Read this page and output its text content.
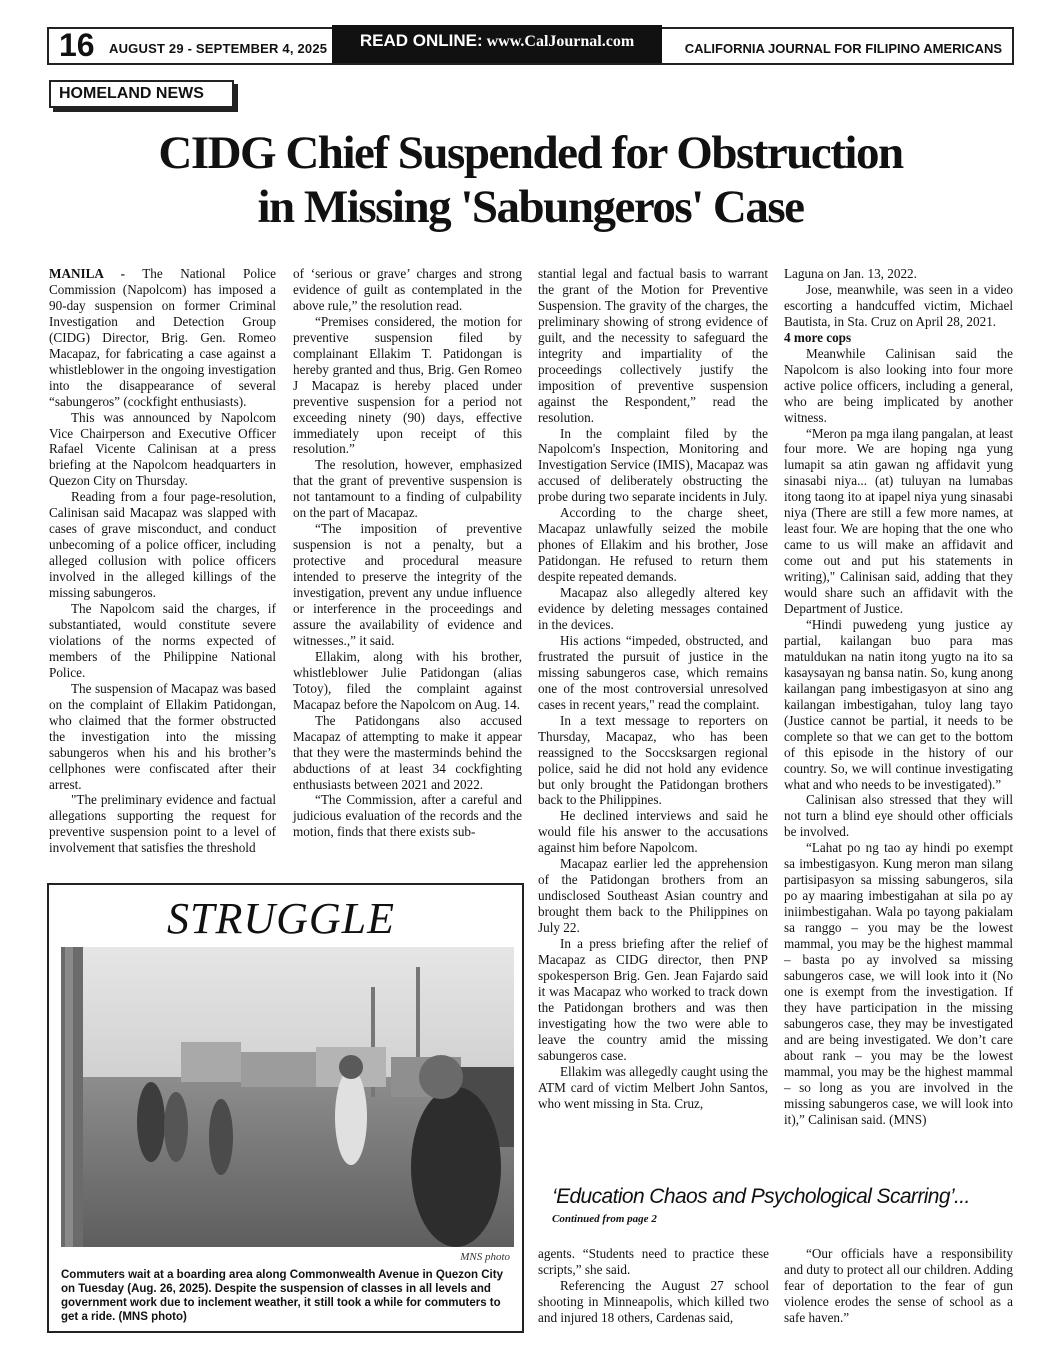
16 AUGUST 29 - SEPTEMBER 4, 2025	READ ONLINE: www.CalJournal.com	CALIFORNIA JOURNAL FOR FILIPINO AMERICANS
HOMELAND NEWS
CIDG Chief Suspended for Obstruction
in Missing 'Sabungeros' Case

MANILA - The National Police Commission (Napolcom) has imposed a 90-day suspension on former Criminal Investigation and Detection Group (CIDG) Director, Brig. Gen. Romeo Macapaz, for fabricating a case against a whistleblower in the ongoing investigation into the disappearance of several “sabungeros” (cockfight enthusiasts).

This was announced by Napolcom Vice Chairperson and Executive Officer Rafael Vicente Calinisan at a press briefing at the Napolcom headquarters in Quezon City on Thursday.

Reading from a four page-resolution, Calinisan said Macapaz was slapped with cases of grave misconduct, and conduct unbecoming of a police officer, including alleged collusion with police officers involved in the alleged killings of the missing sabungeros.

The Napolcom said the charges, if substantiated, would constitute severe violations of the norms expected of members of the Philippine National Police.

The suspension of Macapaz was based on the complaint of Ellakim Patidongan, who claimed that the former obstructed the investigation into the missing sabungeros when his and his brother’s cellphones were confiscated after their arrest.

"The preliminary evidence and factual allegations supporting the request for preventive suspension point to a level of involvement that satisfies the threshold

of ‘serious or grave’ charges and strong evidence of guilt as contemplated in the above rule,” the resolution read.

“Premises considered, the motion for preventive suspension filed by complainant Ellakim T. Patidongan is hereby granted and thus, Brig. Gen Romeo J Macapaz is hereby placed under preventive suspension for a period not exceeding ninety (90) days, effective immediately upon receipt of this resolution.”

The resolution, however, emphasized that the grant of preventive suspension is not tantamount to a finding of culpability on the part of Macapaz.

“The imposition of preventive suspension is not a penalty, but a protective and procedural measure intended to preserve the integrity of the investigation, prevent any undue influence or interference in the proceedings and assure the availability of evidence and witnesses.,” it said.

Ellakim, along with his brother, whistleblower Julie Patidongan (alias Totoy), filed the complaint against Macapaz before the Napolcom on Aug. 14.

The Patidongans also accused Macapaz of attempting to make it appear that they were the masterminds behind the abductions of at least 34 cockfighting enthusiasts between 2021 and 2022.

“The Commission, after a careful and judicious evaluation of the records and the motion, finds that there exists sub-

stantial legal and factual basis to warrant the grant of the Motion for Preventive Suspension. The gravity of the charges, the preliminary showing of strong evidence of guilt, and the necessity to safeguard the integrity and impartiality of the proceedings collectively justify the imposition of preventive suspension against the Respondent,” read the resolution.

In the complaint filed by the Napolcom's Inspection, Monitoring and Investigation Service (IMIS), Macapaz was accused of deliberately obstructing the probe during two separate incidents in July.

According to the charge sheet, Macapaz unlawfully seized the mobile phones of Ellakim and his brother, Jose Patidongan. He refused to return them despite repeated demands.

Macapaz also allegedly altered key evidence by deleting messages contained in the devices.

His actions “impeded, obstructed, and frustrated the pursuit of justice in the missing sabungeros case, which remains one of the most controversial unresolved cases in recent years," read the complaint.

In a text message to reporters on Thursday, Macapaz, who has been reassigned to the Soccsksargen regional police, said he did not hold any evidence but only brought the Patidongan brothers back to the Philippines.

He declined interviews and said he would file his answer to the accusations against him before Napolcom.

Macapaz earlier led the apprehension of the Patidongan brothers from an undisclosed Southeast Asian country and brought them back to the Philippines on July 22.

In a press briefing after the relief of Macapaz as CIDG director, then PNP spokesperson Brig. Gen. Jean Fajardo said it was Macapaz who worked to track down the Patidongan brothers and was then investigating how the two were able to leave the country amid the missing sabungeros case.

Ellakim was allegedly caught using the ATM card of victim Melbert John Santos, who went missing in Sta. Cruz,

Laguna on Jan. 13, 2022.

Jose, meanwhile, was seen in a video escorting a handcuffed victim, Michael Bautista, in Sta. Cruz on April 28, 2021.

4 more cops

Meanwhile Calinisan said the Napolcom is also looking into four more active police officers, including a general, who are being implicated by another witness.

“Meron pa mga ilang pangalan, at least four more. We are hoping nga yung lumapit sa atin gawan ng affidavit yung sinasabi niya... (at) tuluyan na lumabas itong taong ito at ipapel niya yung sinasabi niya (There are still a few more names, at least four. We are hoping that the one who came to us will make an affidavit and come out and put his statements in writing)," Calinisan said, adding that they would share such an affidavit with the Department of Justice.

“Hindi puwedeng yung justice ay partial, kailangan buo para mas matuldukan na natin itong yugto na ito sa kasaysayan ng bansa natin. So, kung anong kailangan pang imbestigasyon at sino ang kailangan imbestigahan, tuloy lang tayo (Justice cannot be partial, it needs to be complete so that we can get to the bottom of this episode in the history of our country. So, we will continue investigating what and who needs to be investigated).”

Calinisan also stressed that they will not turn a blind eye should other officials be involved.

“Lahat po ng tao ay hindi po exempt sa imbestigasyon. Kung meron man silang partisipasyon sa missing sabungeros, sila po ay maaring imbestigahan at sila po ay iniimbestigahan. Wala po tayong pakialam sa ranggo – you may be the lowest mammal, you may be the highest mammal – basta po ay involved sa missing sabungeros case, we will look into it (No one is exempt from the investigation. If they have participation in the missing sabungeros case, they may be investigated and are being investigated. We don’t care about rank – you may be the lowest mammal, you may be the highest mammal – so long as you are involved in the missing sabungeros case, we will look into it),” Calinisan said. (MNS)

STRUGGLE
MNS photo
Commuters wait at a boarding area along Commonwealth Avenue in Quezon City on Tuesday (Aug. 26, 2025). Despite the suspension of classes in all levels and government work due to inclement weather, it still took a while for commuters to get a ride. (MNS photo)
‘Education Chaos and Psychological Scarring’...
Continued from page 2

agents. “Students need to practice these scripts,” she said.

Referencing the August 27 school shooting in Minneapolis, which killed two and injured 18 others, Cardenas said,

“Our officials have a responsibility and duty to protect all our children. Adding fear of deportation to the fear of gun violence erodes the sense of school as a safe haven.”
